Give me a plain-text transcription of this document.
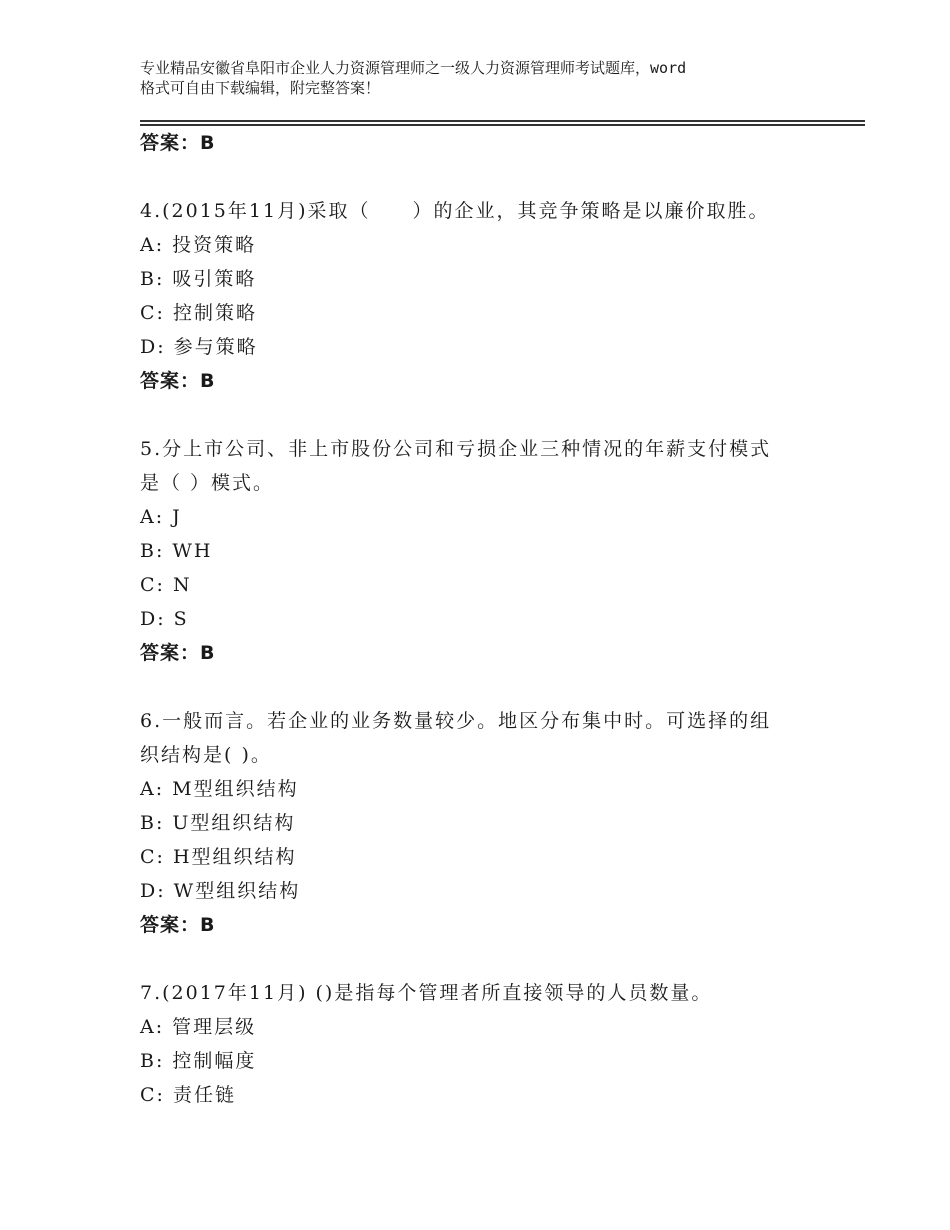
专业精品安徽省阜阳市企业人力资源管理师之一级人力资源管理师考试题库，word
格式可自由下载编辑，附完整答案！
答案：B
4.(2015年11月)采取（　　）的企业，其竞争策略是以廉价取胜。
A: 投资策略
B: 吸引策略
C: 控制策略
D: 参与策略
答案：B
5.分上市公司、非上市股份公司和亏损企业三种情况的年薪支付模式
是（ ）模式。
A: J
B: WH
C: N
D: S
答案：B
6.一般而言。若企业的业务数量较少。地区分布集中时。可选择的组
织结构是( )。
A: M型组织结构
B: U型组织结构
C: H型组织结构
D: W型组织结构
答案：B
7.(2017年11月) ()是指每个管理者所直接领导的人员数量。
A: 管理层级
B: 控制幅度
C: 责任链
